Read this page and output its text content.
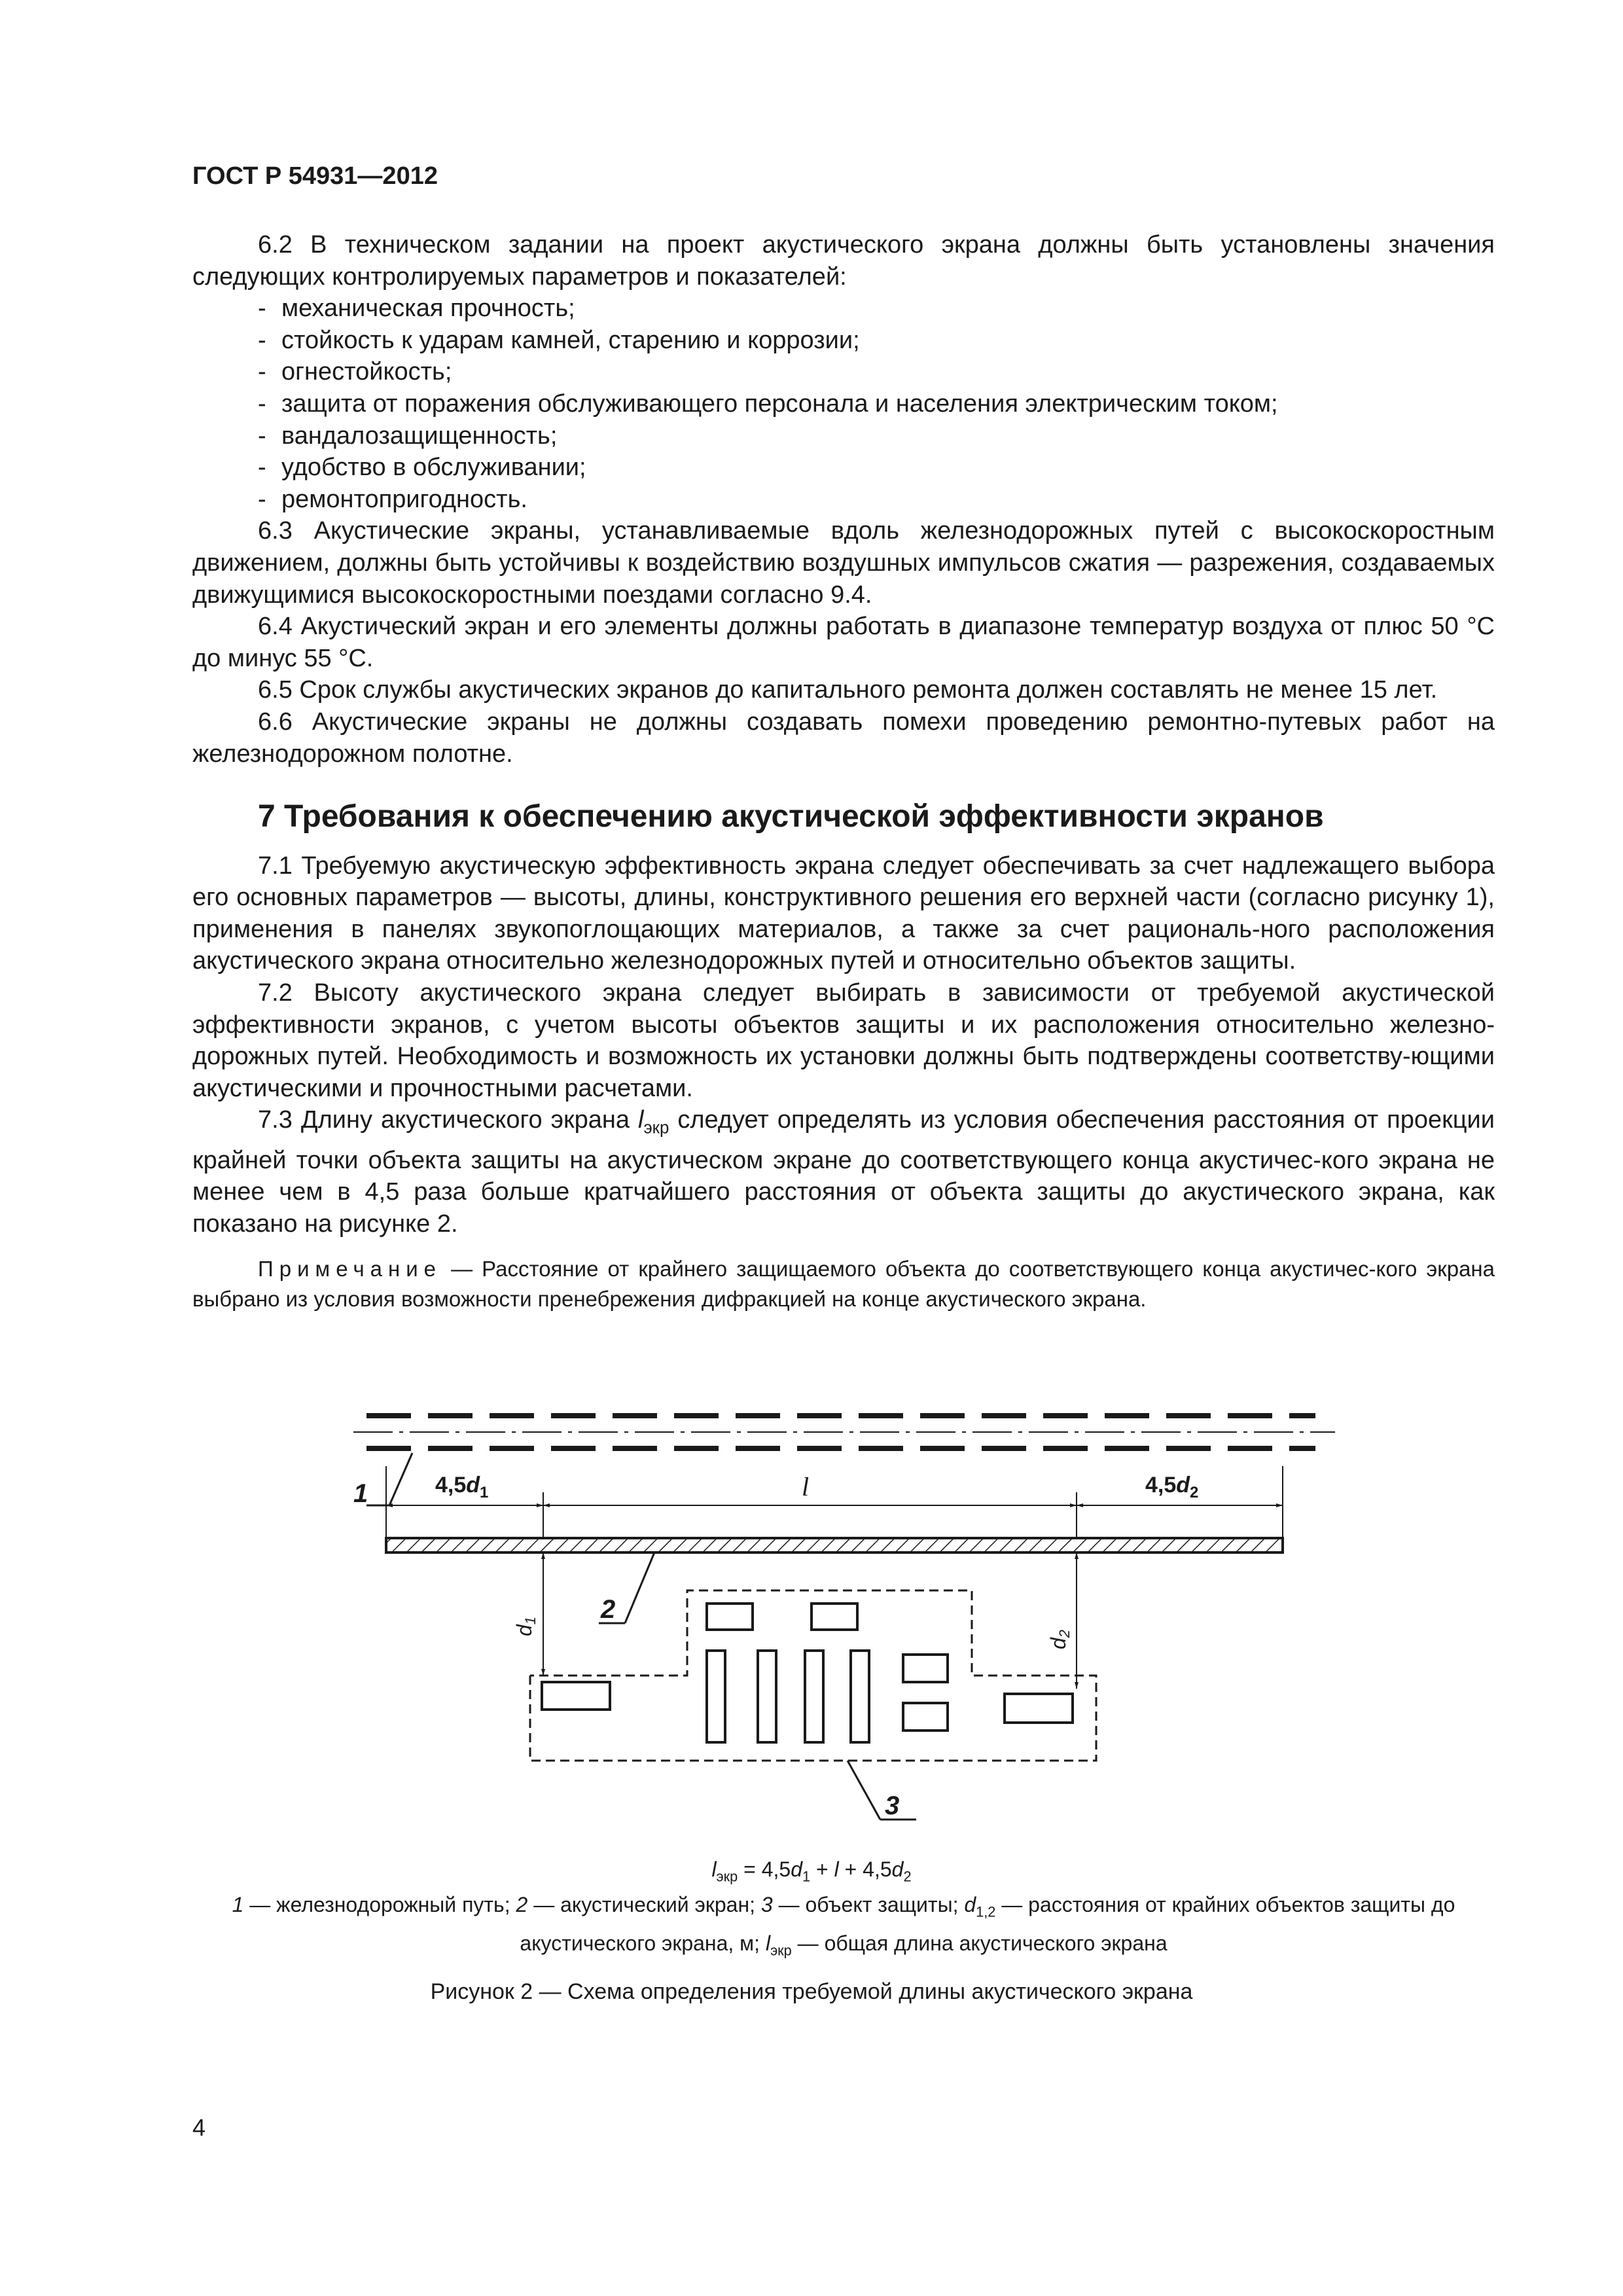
ГОСТ Р 54931—2012

6.2 В техническом задании на проект акустического экрана должны быть установлены значения следующих контролируемых параметров и показателей:

- механическая прочность;

- стойкость к ударам камней, старению и коррозии;

- огнестойкость;

- защита от поражения обслуживающего персонала и населения электрическим током;

- вандалозащищенность;

- удобство в обслуживании;

- ремонтопригодность.

6.3 Акустические экраны, устанавливаемые вдоль железнодорожных путей с высокоскоростным движением, должны быть устойчивы к воздействию воздушных импульсов сжатия — разрежения, создаваемых движущимися высокоскоростными поездами согласно 9.4.

6.4 Акустический экран и его элементы должны работать в диапазоне температур воздуха от плюс 50 °С до минус 55 °С.

6.5 Срок службы акустических экранов до капитального ремонта должен составлять не менее 15 лет.

6.6 Акустические экраны не должны создавать помехи проведению ремонтно-путевых работ на железнодорожном полотне.

7 Требования к обеспечению акустической эффективности экранов

7.1 Требуемую акустическую эффективность экрана следует обеспечивать за счет надлежащего выбора его основных параметров — высоты, длины, конструктивного решения его верхней части (согласно рисунку 1), применения в панелях звукопоглощающих материалов, а также за счет рациональ-ного расположения акустического экрана относительно железнодорожных путей и относительно объектов защиты.

7.2 Высоту акустического экрана следует выбирать в зависимости от требуемой акустической эффективности экранов, с учетом высоты объектов защиты и их расположения относительно железно-дорожных путей. Необходимость и возможность их установки должны быть подтверждены соответству-ющими акустическими и прочностными расчетами.

7.3 Длину акустического экрана $l_{экр}$ следует определять из условия обеспечения расстояния от проекции крайней точки объекта защиты на акустическом экране до соответствующего конца акустичес-кого экрана не менее чем в 4,5 раза больше кратчайшего расстояния от объекта защиты до акустического экрана, как показано на рисунке 2.

Примечание — Расстояние от крайнего защищаемого объекта до соответствующего конца акустичес-кого экрана выбрано из условия возможности пренебрежения дифракцией на конце акустического экрана.

$4,5d_1$	l	$4,5d_2$
1
2
d1
d2
3
$l_{экр} = 4,5d_1 + l + 4,5d_2$
1 — железнодорожный путь; 2 — акустический экран; 3 — объект защиты; $d_{1,2}$ — расстояния от крайних объектов защиты до акустического экрана, м; $l_{экр}$ — общая длина акустического экрана
Рисунок 2 — Схема определения требуемой длины акустического экрана
4
